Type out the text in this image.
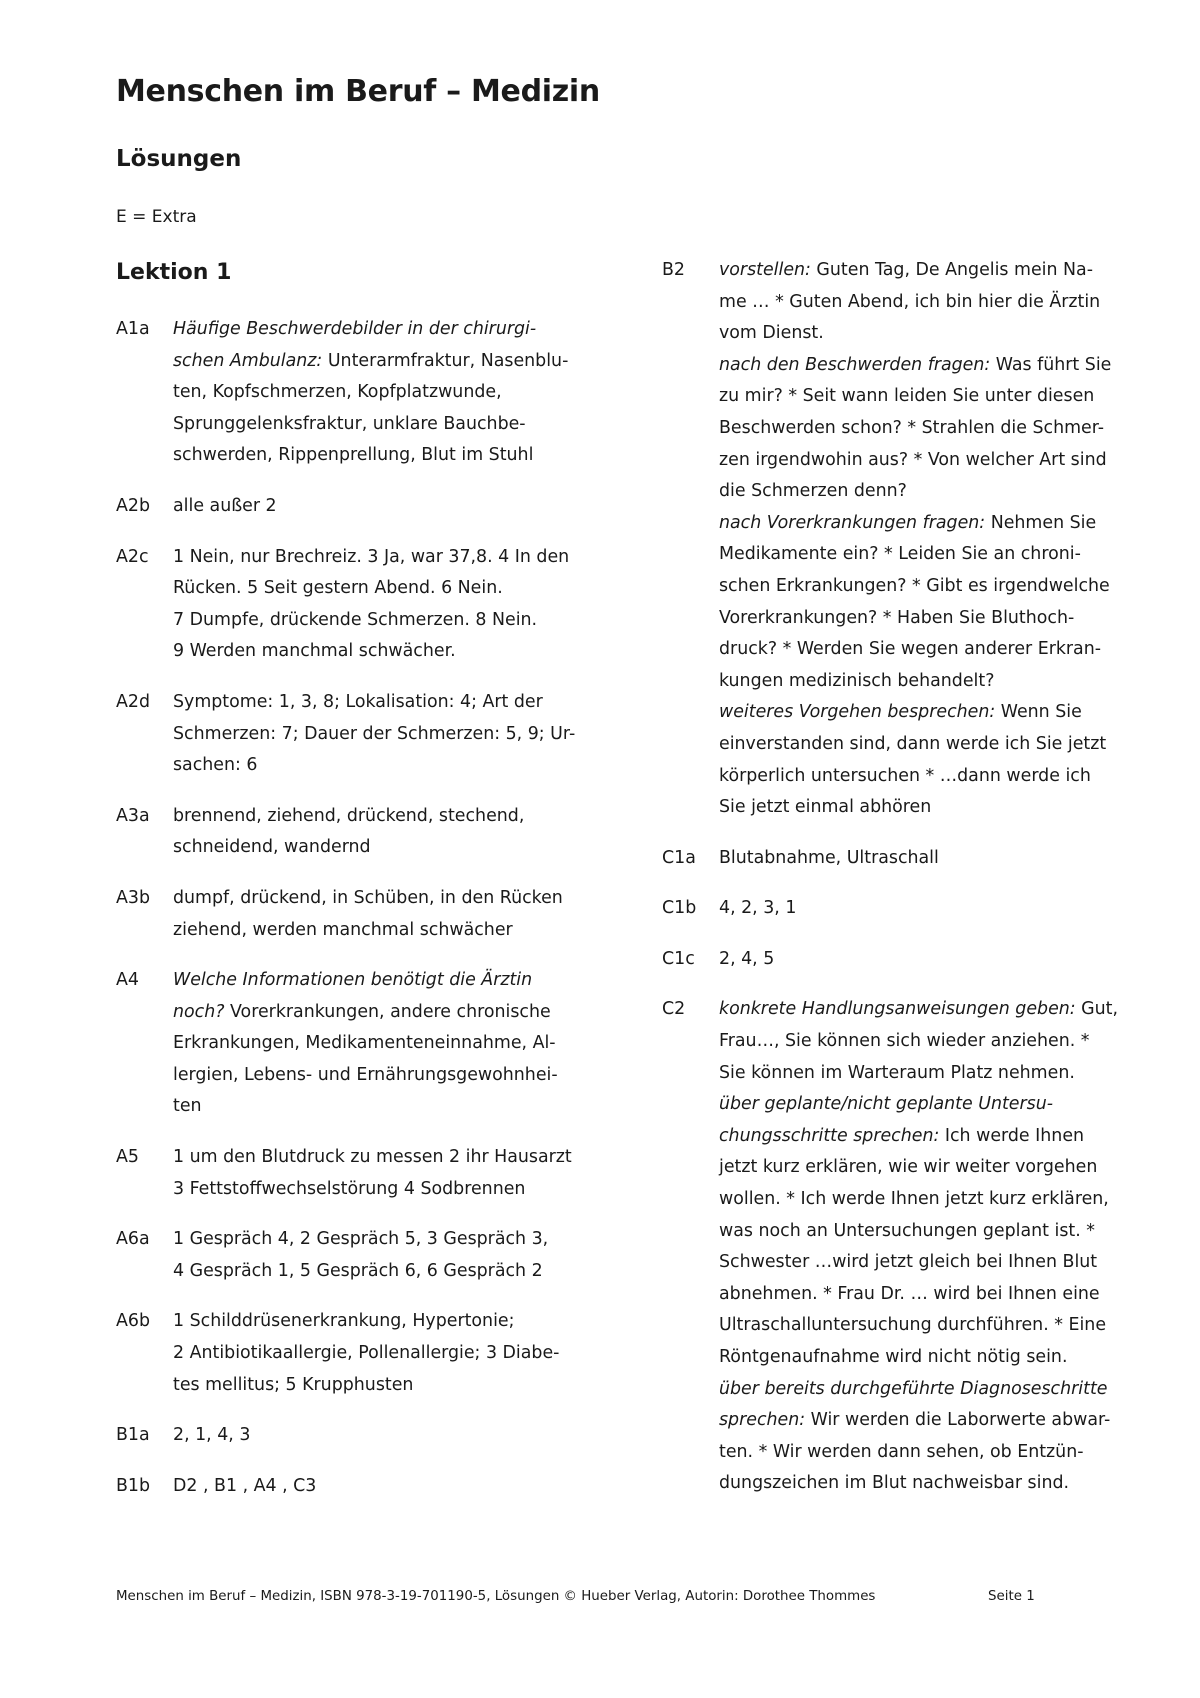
Menschen im Beruf – Medizin
Lösungen
E = Extra
Lektion 1
A1a	Häufige Beschwerdebilder in der chirurgi-
schen Ambulanz: Unterarmfraktur, Nasenblu-
ten, Kopfschmerzen, Kopfplatzwunde,
Sprunggelenksfraktur, unklare Bauchbe-
schwerden, Rippenprellung, Blut im Stuhl
A2b	alle außer 2
A2c	1 Nein, nur Brechreiz. 3 Ja, war 37,8. 4 In den
Rücken. 5 Seit gestern Abend. 6 Nein.
7 Dumpfe, drückende Schmerzen. 8 Nein.
9 Werden manchmal schwächer.
A2d	Symptome: 1, 3, 8; Lokalisation: 4; Art der
Schmerzen: 7; Dauer der Schmerzen: 5, 9; Ur-
sachen: 6
A3a	brennend, ziehend, drückend, stechend,
schneidend, wandernd
A3b	dumpf, drückend, in Schüben, in den Rücken
ziehend, werden manchmal schwächer
A4	Welche Informationen benötigt die Ärztin
noch? Vorerkrankungen, andere chronische
Erkrankungen, Medikamenteneinnahme, Al-
lergien, Lebens- und Ernährungsgewohnhei-
ten
A5	1 um den Blutdruck zu messen 2 ihr Hausarzt
3 Fettstoffwechselstörung 4 Sodbrennen
A6a	1 Gespräch 4, 2 Gespräch 5, 3 Gespräch 3,
4 Gespräch 1, 5 Gespräch 6, 6 Gespräch 2
A6b	1 Schilddrüsenerkrankung, Hypertonie;
2 Antibiotikaallergie, Pollenallergie; 3 Diabe-
tes mellitus; 5 Krupphusten
B1a	2, 1, 4, 3
B1b	D2 , B1 , A4 , C3
B2	vorstellen: Guten Tag, De Angelis mein Na-
me … * Guten Abend, ich bin hier die Ärztin
vom Dienst.
nach den Beschwerden fragen: Was führt Sie
zu mir? * Seit wann leiden Sie unter diesen
Beschwerden schon? * Strahlen die Schmer-
zen irgendwohin aus? * Von welcher Art sind
die Schmerzen denn?
nach Vorerkrankungen fragen: Nehmen Sie
Medikamente ein? * Leiden Sie an chroni-
schen Erkrankungen? * Gibt es irgendwelche
Vorerkrankungen? * Haben Sie Bluthoch-
druck? * Werden Sie wegen anderer Erkran-
kungen medizinisch behandelt?
weiteres Vorgehen besprechen: Wenn Sie
einverstanden sind, dann werde ich Sie jetzt
körperlich untersuchen * …dann werde ich
Sie jetzt einmal abhören
C1a	Blutabnahme, Ultraschall
C1b	4, 2, 3, 1
C1c	2, 4, 5
C2	konkrete Handlungsanweisungen geben: Gut,
Frau…, Sie können sich wieder anziehen. *
Sie können im Warteraum Platz nehmen.
über geplante/nicht geplante Untersu-
chungsschritte sprechen: Ich werde Ihnen
jetzt kurz erklären, wie wir weiter vorgehen
wollen. * Ich werde Ihnen jetzt kurz erklären,
was noch an Untersuchungen geplant ist. *
Schwester …wird jetzt gleich bei Ihnen Blut
abnehmen. * Frau Dr. … wird bei Ihnen eine
Ultraschalluntersuchung durchführen. * Eine
Röntgenaufnahme wird nicht nötig sein.
über bereits durchgeführte Diagnoseschritte
sprechen: Wir werden die Laborwerte abwar-
ten. * Wir werden dann sehen, ob Entzün-
dungszeichen im Blut nachweisbar sind.
Menschen im Beruf – Medizin, ISBN 978-3-19-701190-5, Lösungen © Hueber Verlag, Autorin: Dorothee Thommes	Seite 1
